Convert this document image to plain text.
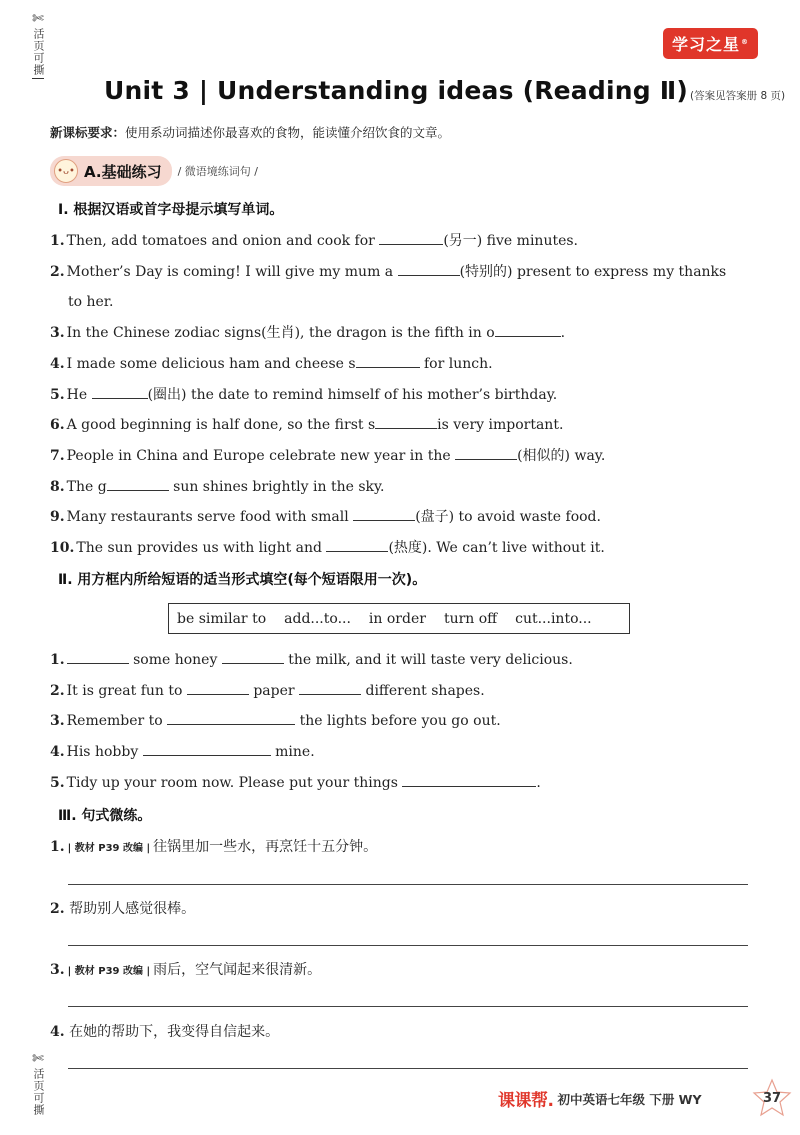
✄
活页可撕
✄
活页可撕
学习之星®
Unit 3 | Understanding ideas (Reading Ⅱ) (答案见答案册 8 页)
新课标要求：使用系动词描述你最喜欢的食物，能读懂介绍饮食的文章。
•ᴗ• A.基础练习 / 微语境练词句 /
Ⅰ. 根据汉语或首字母提示填写单词。
1. Then, add tomatoes and onion and cook for	(另一) five minutes.
2. Mother’s Day is coming! I will give my mum a	(特别的) present to express my thanks
to her.
3. In the Chinese zodiac signs(生肖), the dragon is the fifth in o	.
4. I made some delicious ham and cheese s	for lunch.
5. He	(圈出) the date to remind himself of his mother’s birthday.
6. A good beginning is half done, so the first s	is very important.
7. People in China and Europe celebrate new year in the	(相似的) way.
8. The g	sun shines brightly in the sky.
9. Many restaurants serve food with small	(盘子) to avoid waste food.
10. The sun provides us with light and	(热度). We can’t live without it.
Ⅱ. 用方框内所给短语的适当形式填空(每个短语限用一次)。
be similar to add...to... in order turn off cut...into...
1.	some honey	the milk, and it will taste very delicious.
2. It is great fun to	paper	different shapes.
3. Remember to	the lights before you go out.
4. His hobby	mine.
5. Tidy up your room now. Please put your things	.
Ⅲ. 句式微练。
1. | 教材 P39 改编 | 往锅里加一些水，再烹饪十五分钟。
2. 帮助别人感觉很棒。
3. | 教材 P39 改编 | 雨后，空气闻起来很清新。
4. 在她的帮助下，我变得自信起来。
课课帮. 初中英语七年级 下册 WY	37
